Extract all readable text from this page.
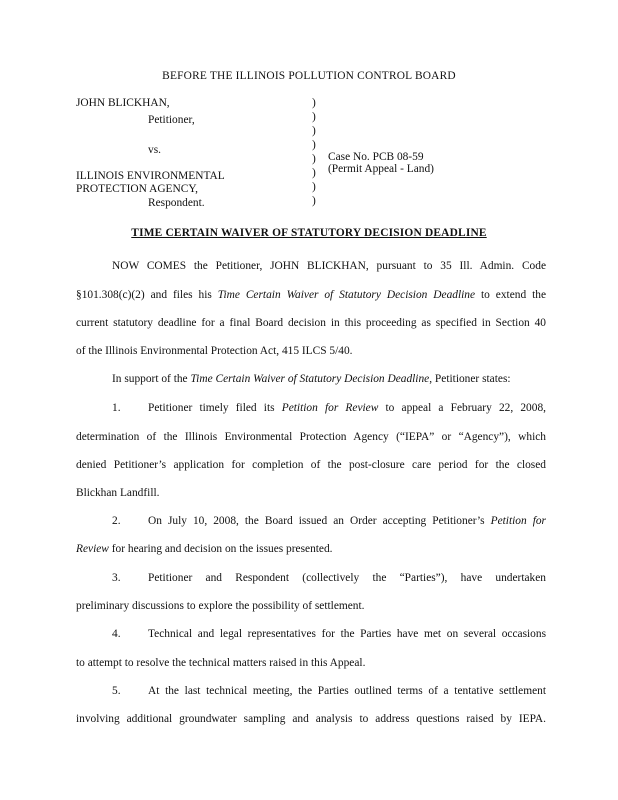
BEFORE THE ILLINOIS POLLUTION CONTROL BOARD
JOHN BLICKHAN,
Petitioner,
vs.
ILLINOIS ENVIRONMENTAL
PROTECTION AGENCY,
Respondent.
)
)
)
)
)
)
)
)
Case No. PCB 08-59
(Permit Appeal - Land)
TIME CERTAIN WAIVER OF STATUTORY DECISION DEADLINE
NOW COMES the Petitioner, JOHN BLICKHAN, pursuant to 35 Ill. Admin. Code
§101.308(c)(2) and files his Time Certain Waiver of Statutory Decision Deadline to extend the
current statutory deadline for a final Board decision in this proceeding as specified in Section 40
of the Illinois Environmental Protection Act, 415 ILCS 5/40.
In support of the Time Certain Waiver of Statutory Decision Deadline, Petitioner states:
1. Petitioner timely filed its Petition for Review to appeal a February 22, 2008,
determination of the Illinois Environmental Protection Agency (“IEPA” or “Agency”), which
denied Petitioner’s application for completion of the post-closure care period for the closed
Blickhan Landfill.
2. On July 10, 2008, the Board issued an Order accepting Petitioner’s Petition for
Review for hearing and decision on the issues presented.
3. Petitioner and Respondent (collectively the “Parties”), have undertaken
preliminary discussions to explore the possibility of settlement.
4. Technical and legal representatives for the Parties have met on several occasions
to attempt to resolve the technical matters raised in this Appeal.
5. At the last technical meeting, the Parties outlined terms of a tentative settlement
involving additional groundwater sampling and analysis to address questions raised by IEPA.
